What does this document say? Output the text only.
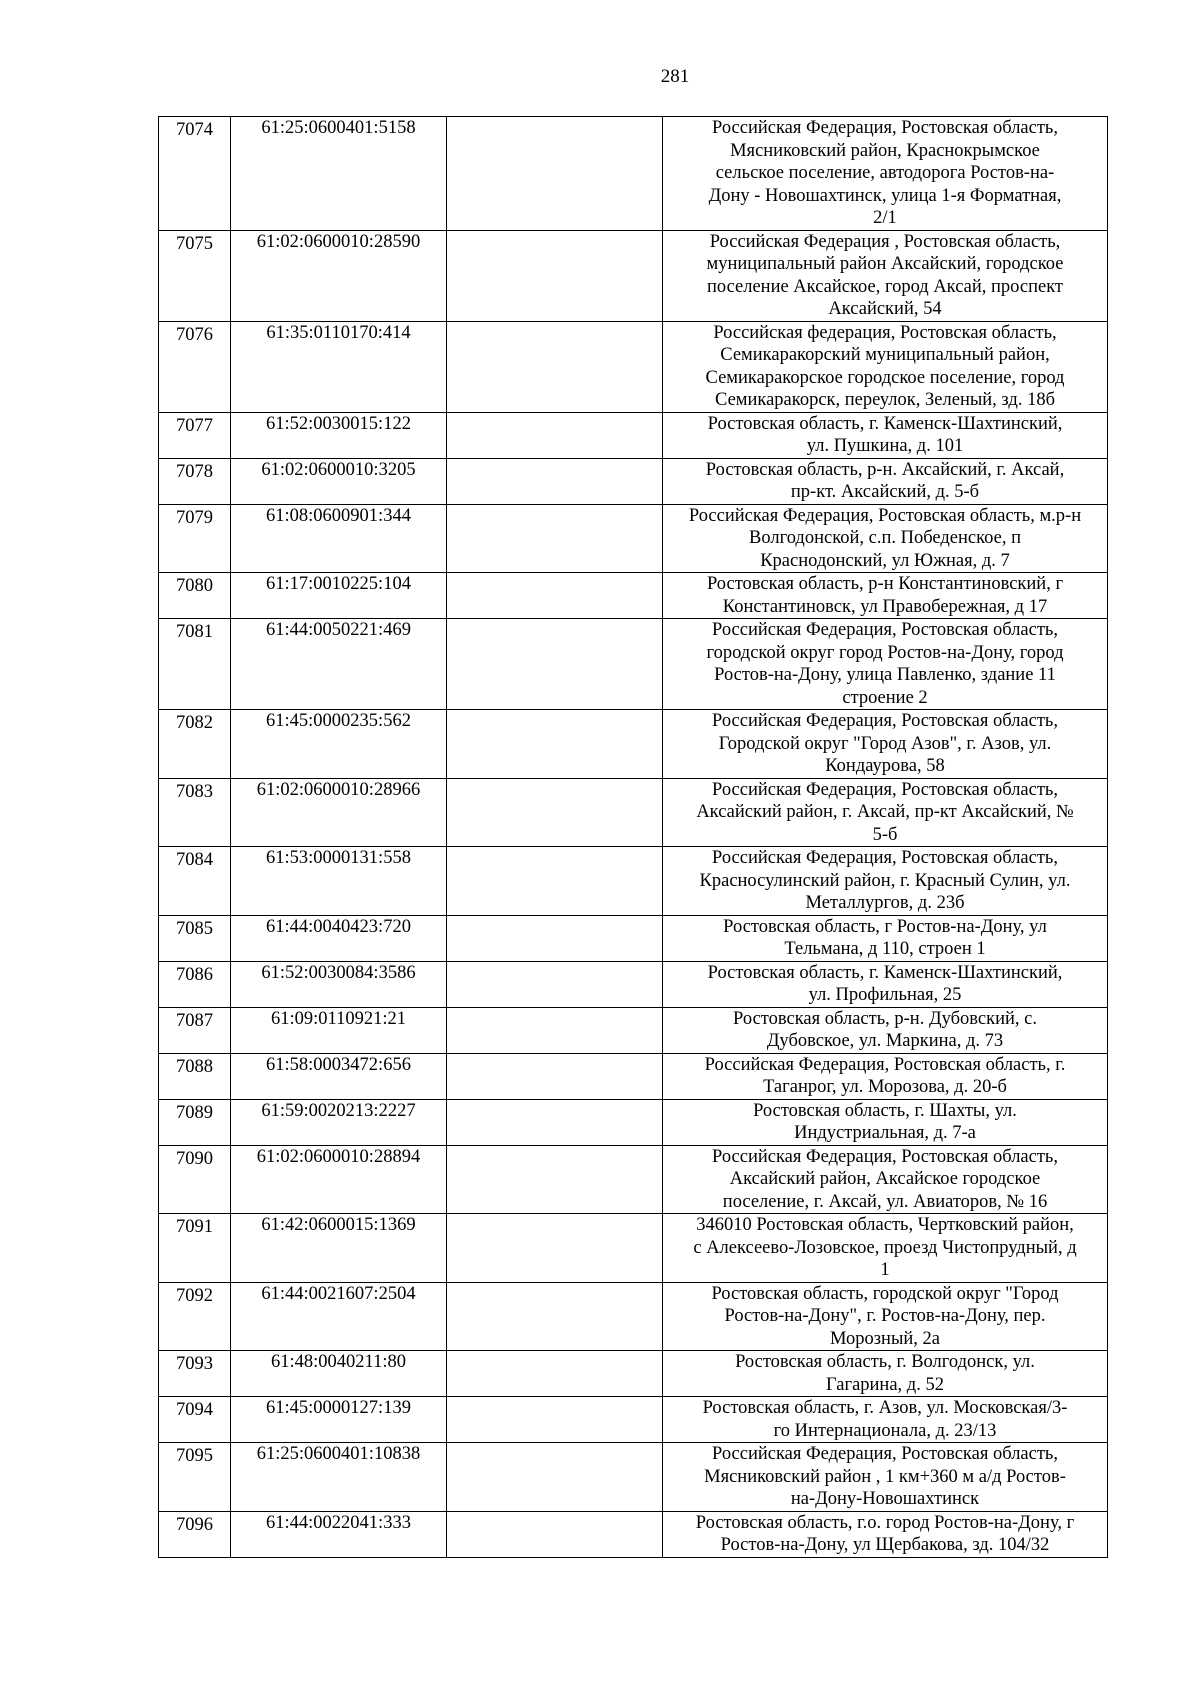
281
7074	61:25:0600401:5158		Российская Федерация, Ростовская область, Мясниковский район, Краснокрымское сельское поселение, автодорога Ростов-на-Дону - Новошахтинск, улица 1-я Форматная, 2/1

7075	61:02:0600010:28590		Российская Федерация , Ростовская область, муниципальный район Аксайский, городское поселение Аксайское, город Аксай, проспект Аксайский, 54

7076	61:35:0110170:414		Российская федерация, Ростовская область, Семикаракорский муниципальный район, Семикаракорское городское поселение, город Семикаракорск, переулок, Зеленый, зд. 18б

7077	61:52:0030015:122		Ростовская область, г. Каменск-Шахтинский, ул. Пушкина, д. 101

7078	61:02:0600010:3205		Ростовская область, р-н. Аксайский, г. Аксай, пр-кт. Аксайский, д. 5-б

7079	61:08:0600901:344		Российская Федерация, Ростовская область, м.р-н Волгодонской, с.п. Победенское, п Краснодонский, ул Южная, д. 7

7080	61:17:0010225:104		Ростовская область, р-н Константиновский, г Константиновск, ул Правобережная, д 17

7081	61:44:0050221:469		Российская Федерация, Ростовская область, городской округ город Ростов-на-Дону, город Ростов-на-Дону, улица Павленко, здание 11 строение 2

7082	61:45:0000235:562		Российская Федерация, Ростовская область, Городской округ "Город Азов", г. Азов, ул. Кондаурова, 58

7083	61:02:0600010:28966		Российская Федерация, Ростовская область, Аксайский район, г. Аксай, пр-кт Аксайский, № 5-б

7084	61:53:0000131:558		Российская Федерация, Ростовская область, Красносулинский район, г. Красный Сулин, ул. Металлургов, д. 23б

7085	61:44:0040423:720		Ростовская область, г Ростов-на-Дону, ул Тельмана, д 110, строен 1

7086	61:52:0030084:3586		Ростовская область, г. Каменск-Шахтинский, ул. Профильная, 25

7087	61:09:0110921:21		Ростовская область, р-н. Дубовский, с. Дубовское, ул. Маркина, д. 73

7088	61:58:0003472:656		Российская Федерация, Ростовская область, г. Таганрог, ул. Морозова, д. 20-б

7089	61:59:0020213:2227		Ростовская область, г. Шахты, ул. Индустриальная, д. 7-а

7090	61:02:0600010:28894		Российская Федерация, Ростовская область, Аксайский район, Аксайское городское поселение, г. Аксай, ул. Авиаторов, № 16

7091	61:42:0600015:1369		346010 Ростовская область, Чертковский район, с Алексеево-Лозовское, проезд Чистопрудный, д 1

7092	61:44:0021607:2504		Ростовская область, городской округ "Город Ростов-на-Дону", г. Ростов-на-Дону, пер. Морозный, 2а

7093	61:48:0040211:80		Ростовская область, г. Волгодонск, ул. Гагарина, д. 52

7094	61:45:0000127:139		Ростовская область, г. Азов, ул. Московская/3-го Интернационала, д. 23/13

7095	61:25:0600401:10838		Российская Федерация, Ростовская область, Мясниковский район , 1 км+360 м а/д Ростов-на-Дону-Новошахтинск

7096	61:44:0022041:333		Ростовская область, г.о. город Ростов-на-Дону, г Ростов-на-Дону, ул Щербакова, зд. 104/32
